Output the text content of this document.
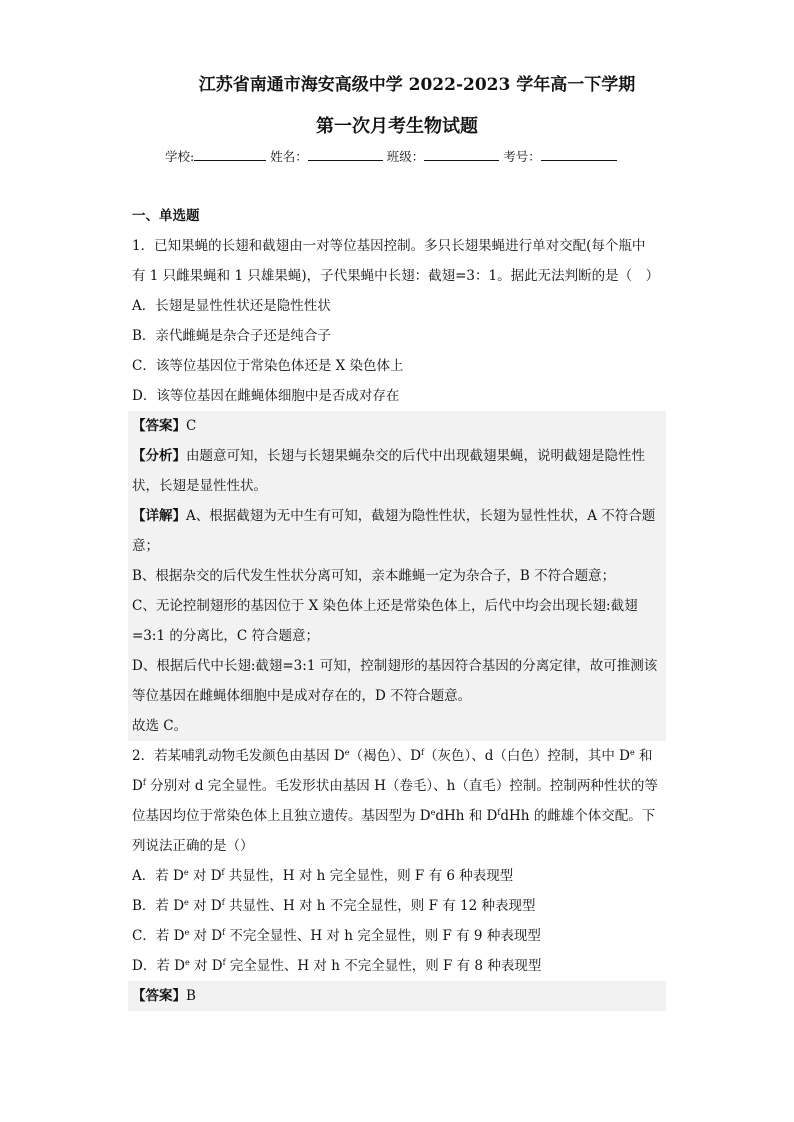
江苏省南通市海安高级中学 2022-2023 学年高一下学期
第一次月考生物试题
学校:	姓名：	班级：	考号：
一、单选题
1．已知果蝇的长翅和截翅由一对等位基因控制。多只长翅果蝇进行单对交配(每个瓶中
有 1 只雌果蝇和 1 只雄果蝇)，子代果蝇中长翅：截翅=3：1。据此无法判断的是（　）
A．长翅是显性性状还是隐性性状
B．亲代雌蝇是杂合子还是纯合子
C．该等位基因位于常染色体还是 X 染色体上
D．该等位基因在雌蝇体细胞中是否成对存在
【答案】C
【分析】由题意可知，长翅与长翅果蝇杂交的后代中出现截翅果蝇，说明截翅是隐性性状，长翅是显性性状。
【详解】A、根据截翅为无中生有可知，截翅为隐性性状，长翅为显性性状，A 不符合题意；
B、根据杂交的后代发生性状分离可知，亲本雌蝇一定为杂合子，B 不符合题意；
C、无论控制翅形的基因位于 X 染色体上还是常染色体上，后代中均会出现长翅:截翅=3:1 的分离比，C 符合题意；
D、根据后代中长翅:截翅=3:1 可知，控制翅形的基因符合基因的分离定律，故可推测该等位基因在雌蝇体细胞中是成对存在的，D 不符合题意。
故选 C。
2．若某哺乳动物毛发颜色由基因 De（褐色）、$D^f$（灰色）、d（白色）控制，其中 De 和
$D^f$ 分别对 d 完全显性。毛发形状由基因 H（卷毛）、h（直毛）控制。控制两种性状的等
位基因均位于常染色体上且独立遗传。基因型为 DedHh 和 $D^fdHh$ 的雌雄个体交配。下
列说法正确的是（）
A．若 De 对 $D^f$ 共显性，H 对 h 完全显性，则 F 有 6 种表现型
B．若 De 对 $D^f$ 共显性、H 对 h 不完全显性，则 F 有 12 种表现型
C．若 De 对 $D^f$ 不完全显性、H 对 h 完全显性，则 F 有 9 种表现型
D．若 De 对 $D^f$ 完全显性、H 对 h 不完全显性，则 F 有 8 种表现型
【答案】B
